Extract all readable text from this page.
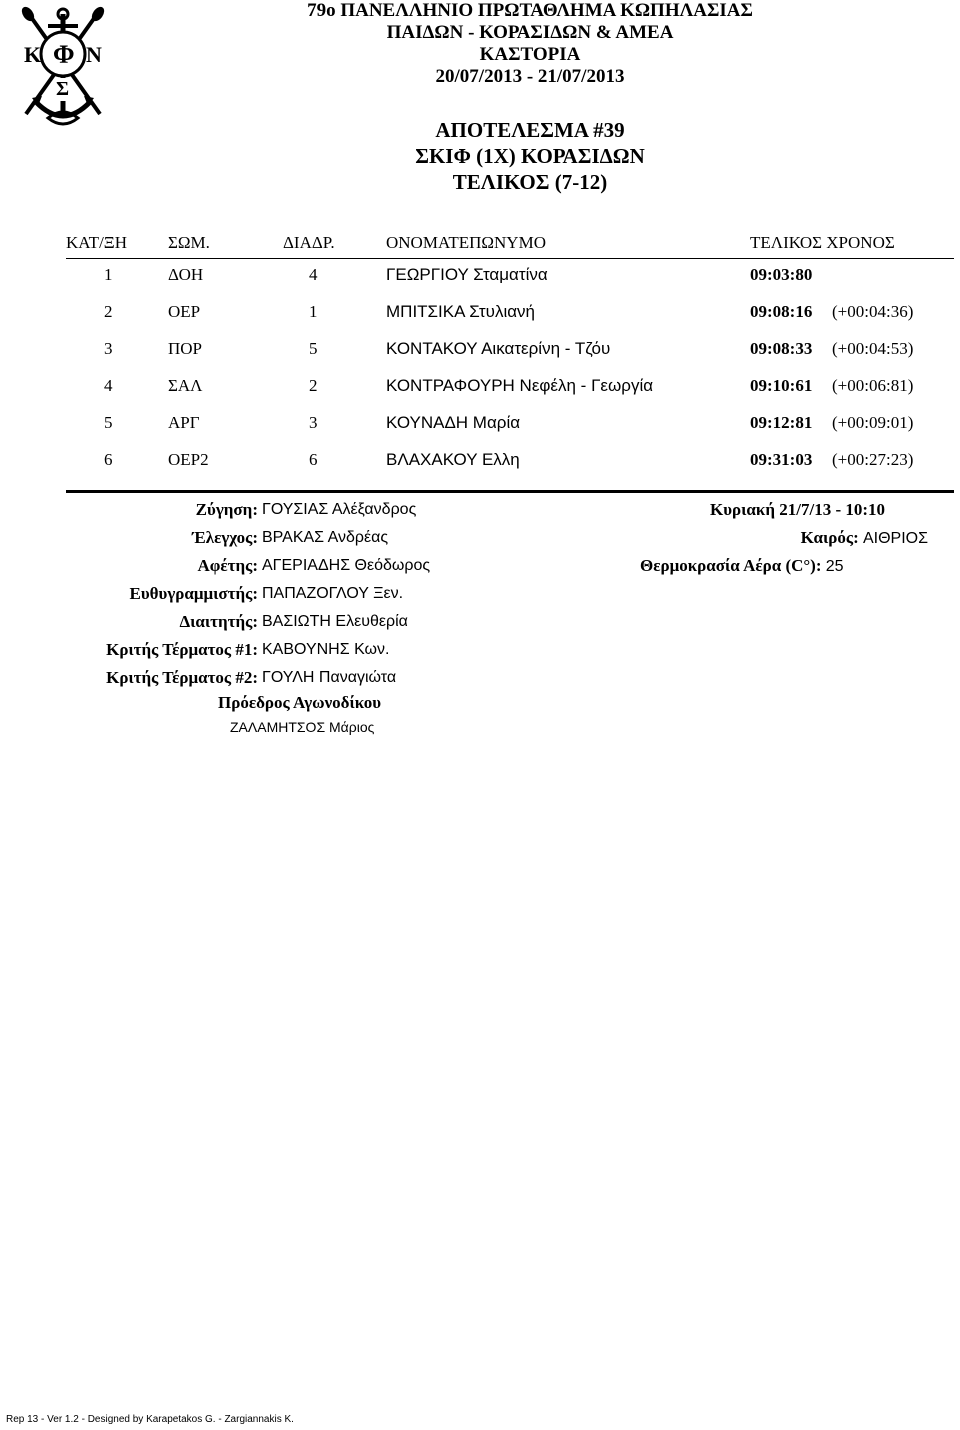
Κ Φ Ν
Σ
79ο ΠΑΝΕΛΛΗΝΙΟ ΠΡΩΤΑΘΛΗΜΑ ΚΩΠΗΛΑΣΙΑΣ
ΠΑΙΔΩΝ - ΚΟΡΑΣΙΔΩΝ & ΑΜΕΑ
ΚΑΣΤΟΡΙΑ
20/07/2013 - 21/07/2013
ΑΠΟΤΕΛΕΣΜΑ #39
ΣΚΙΦ (1Χ) ΚΟΡΑΣΙΔΩΝ
ΤΕΛΙΚΟΣ (7-12)
ΚΑΤ/ΞΗ ΣΩΜ.	ΔΙΑΔΡ.	ΟΝΟΜΑΤΕΠΩΝΥΜΟ	ΤΕΛΙΚΟΣ ΧΡΟΝΟΣ
1	ΔΟΗ	4	ΓΕΩΡΓΙΟΥ Σταματίνα	09:03:80
2	ΟΕΡ	1	ΜΠΙΤΣΙΚΑ Στυλιανή	09:08:16 (+00:04:36)
3	ΠΟΡ	5	ΚΟΝΤΑΚΟΥ Αικατερίνη - Τζόυ	09:08:33 (+00:04:53)
4	ΣΑΛ	2	ΚΟΝΤΡΑΦΟΥΡΗ Νεφέλη - Γεωργία	09:10:61 (+00:06:81)
5	ΑΡΓ	3	ΚΟΥΝΑΔΗ Μαρία	09:12:81 (+00:09:01)
6	ΟΕΡ2	6	ΒΛΑΧΑΚΟΥ Ελλη	09:31:03 (+00:27:23)
Ζύγηση: ΓΟΥΣΙΑΣ Αλέξανδρος
Έλεγχος: ΒΡΑΚΑΣ Ανδρέας
Αφέτης: ΑΓΕΡΙΑΔΗΣ Θεόδωρος
Ευθυγραμμιστής: ΠΑΠΑΖΟΓΛΟΥ Ξεν.
Διαιτητής: ΒΑΣΙΩΤΗ Ελευθερία
Κριτής Τέρματος #1: ΚΑΒΟΥΝΗΣ Κων.
Κριτής Τέρματος #2: ΓΟΥΛΗ Παναγιώτα
Κυριακή 21/7/13 - 10:10
Καιρός: ΑΙΘΡΙΟΣ
Θερμοκρασία Αέρα (C°): 25
Πρόεδρος Αγωνοδίκου
ΖΑΛΑΜΗΤΣΟΣ Μάριος
Rep 13 - Ver 1.2 - Designed by Karapetakos G. - Zargiannakis K.
